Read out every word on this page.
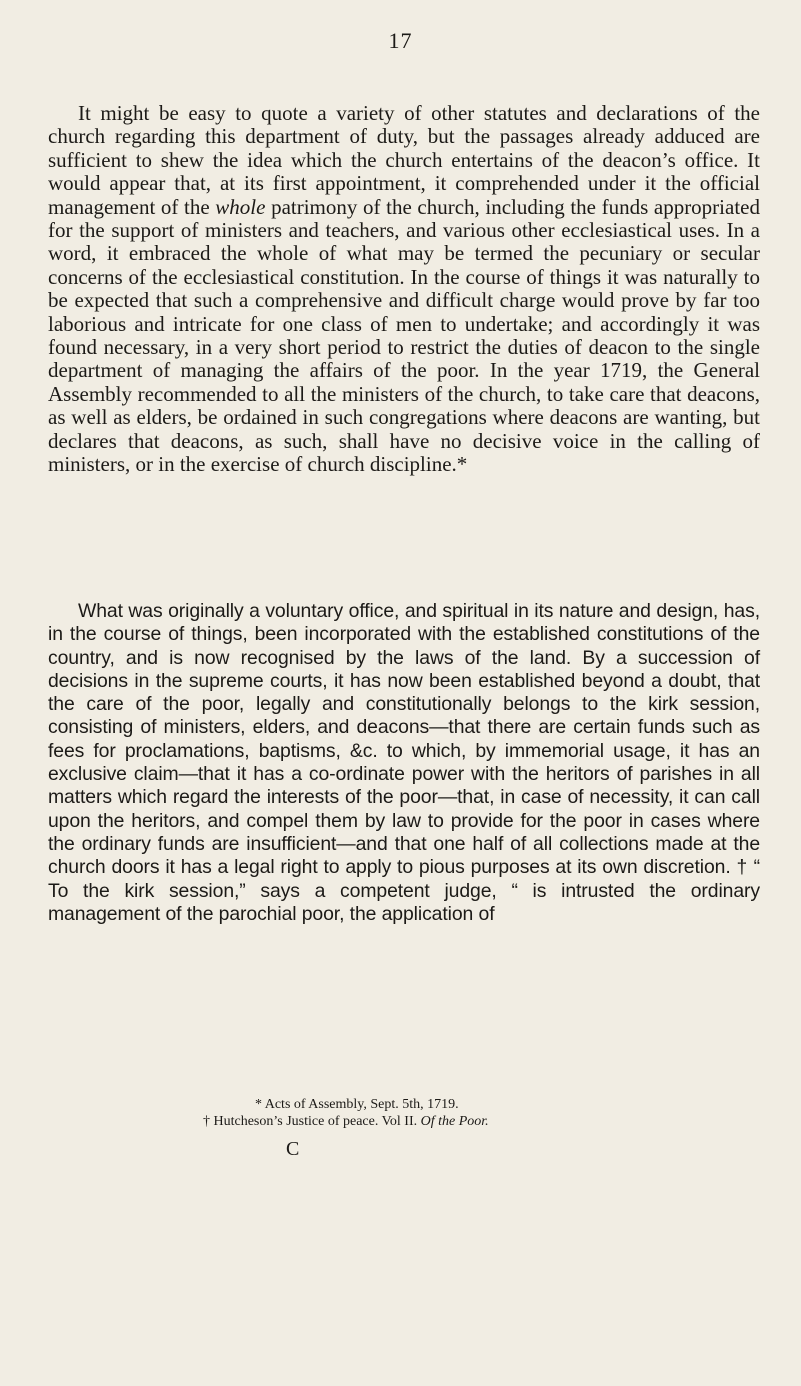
17

It might be easy to quote a variety of other statutes and declarations of the church regarding this department of duty, but the passages already adduced are sufficient to shew the idea which the church entertains of the deacon’s office. It would appear that, at its first appointment, it comprehended under it the official management of the whole patrimony of the church, including the funds appropriated for the support of ministers and teachers, and various other ecclesiastical uses. In a word, it embraced the whole of what may be termed the pecuniary or secular concerns of the ecclesiastical constitution. In the course of things it was naturally to be expected that such a comprehensive and difficult charge would prove by far too laborious and intricate for one class of men to undertake; and accordingly it was found necessary, in a very short period to restrict the duties of deacon to the single department of managing the affairs of the poor. In the year 1719, the General Assembly recommended to all the ministers of the church, to take care that deacons, as well as elders, be ordained in such congregations where deacons are wanting, but declares that deacons, as such, shall have no decisive voice in the calling of ministers, or in the exercise of church discipline.*

What was originally a voluntary office, and spiritual in its nature and design, has, in the course of things, been incorporated with the established constitutions of the country, and is now recognised by the laws of the land. By a succession of decisions in the supreme courts, it has now been established beyond a doubt, that the care of the poor, legally and constitutionally belongs to the kirk session, consisting of ministers, elders, and deacons—that there are certain funds such as fees for proclamations, baptisms, &c. to which, by immemorial usage, it has an exclusive claim—that it has a co-ordinate power with the heritors of parishes in all matters which regard the interests of the poor—that, in case of necessity, it can call upon the heritors, and compel them by law to provide for the poor in cases where the ordinary funds are insufficient—and that one half of all collections made at the church doors it has a legal right to apply to pious purposes at its own discretion. † “ To the kirk session,” says a competent judge, “ is intrusted the ordinary management of the parochial poor, the application of

* Acts of Assembly, Sept. 5th, 1719.
† Hutcheson’s Justice of peace. Vol II. Of the Poor.
C
